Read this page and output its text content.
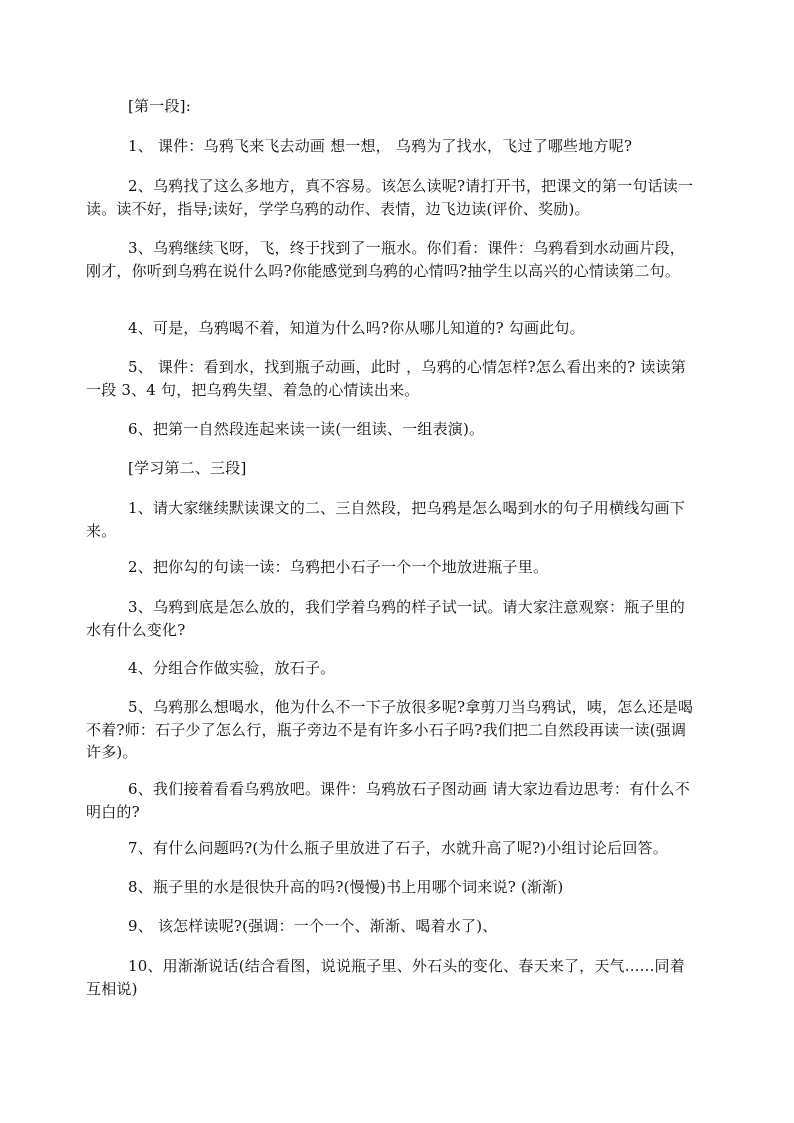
[第一段]:

1、 课件：乌鸦飞来飞去动画 想一想， 乌鸦为了找水，飞过了哪些地方呢?

2、乌鸦找了这么多地方，真不容易。该怎么读呢?请打开书，把课文的第一句话读一读。读不好，指导;读好，学学乌鸦的动作、表情，边飞边读(评价、奖励)。

3、乌鸦继续飞呀，飞，终于找到了一瓶水。你们看：课件：乌鸦看到水动画片段，刚才，你听到乌鸦在说什么吗?你能感觉到乌鸦的心情吗?抽学生以高兴的心情读第二句。

4、可是，乌鸦喝不着，知道为什么吗?你从哪儿知道的? 勾画此句。

5、 课件：看到水，找到瓶子动画，此时 ，乌鸦的心情怎样?怎么看出来的? 读读第一段 3、4 句，把乌鸦失望、着急的心情读出来。

6、把第一自然段连起来读一读(一组读、一组表演)。

[学习第二、三段]

1、请大家继续默读课文的二、三自然段，把乌鸦是怎么喝到水的句子用横线勾画下来。

2、把你勾的句读一读：乌鸦把小石子一个一个地放进瓶子里。

3、乌鸦到底是怎么放的，我们学着乌鸦的样子试一试。请大家注意观察：瓶子里的水有什么变化?

4、分组合作做实验，放石子。

5、乌鸦那么想喝水，他为什么不一下子放很多呢?拿剪刀当乌鸦试，咦，怎么还是喝不着?师：石子少了怎么行，瓶子旁边不是有许多小石子吗?我们把二自然段再读一读(强调许多)。

6、我们接着看看乌鸦放吧。课件：乌鸦放石子图动画 请大家边看边思考：有什么不明白的?

7、有什么问题吗?(为什么瓶子里放进了石子，水就升高了呢?)小组讨论后回答。

8、瓶子里的水是很快升高的吗?(慢慢)书上用哪个词来说? (渐渐)

9、 该怎样读呢?(强调：一个一个、渐渐、喝着水了)、

10、用渐渐说话(结合看图，说说瓶子里、外石头的变化、春天来了，天气......同着互相说)
